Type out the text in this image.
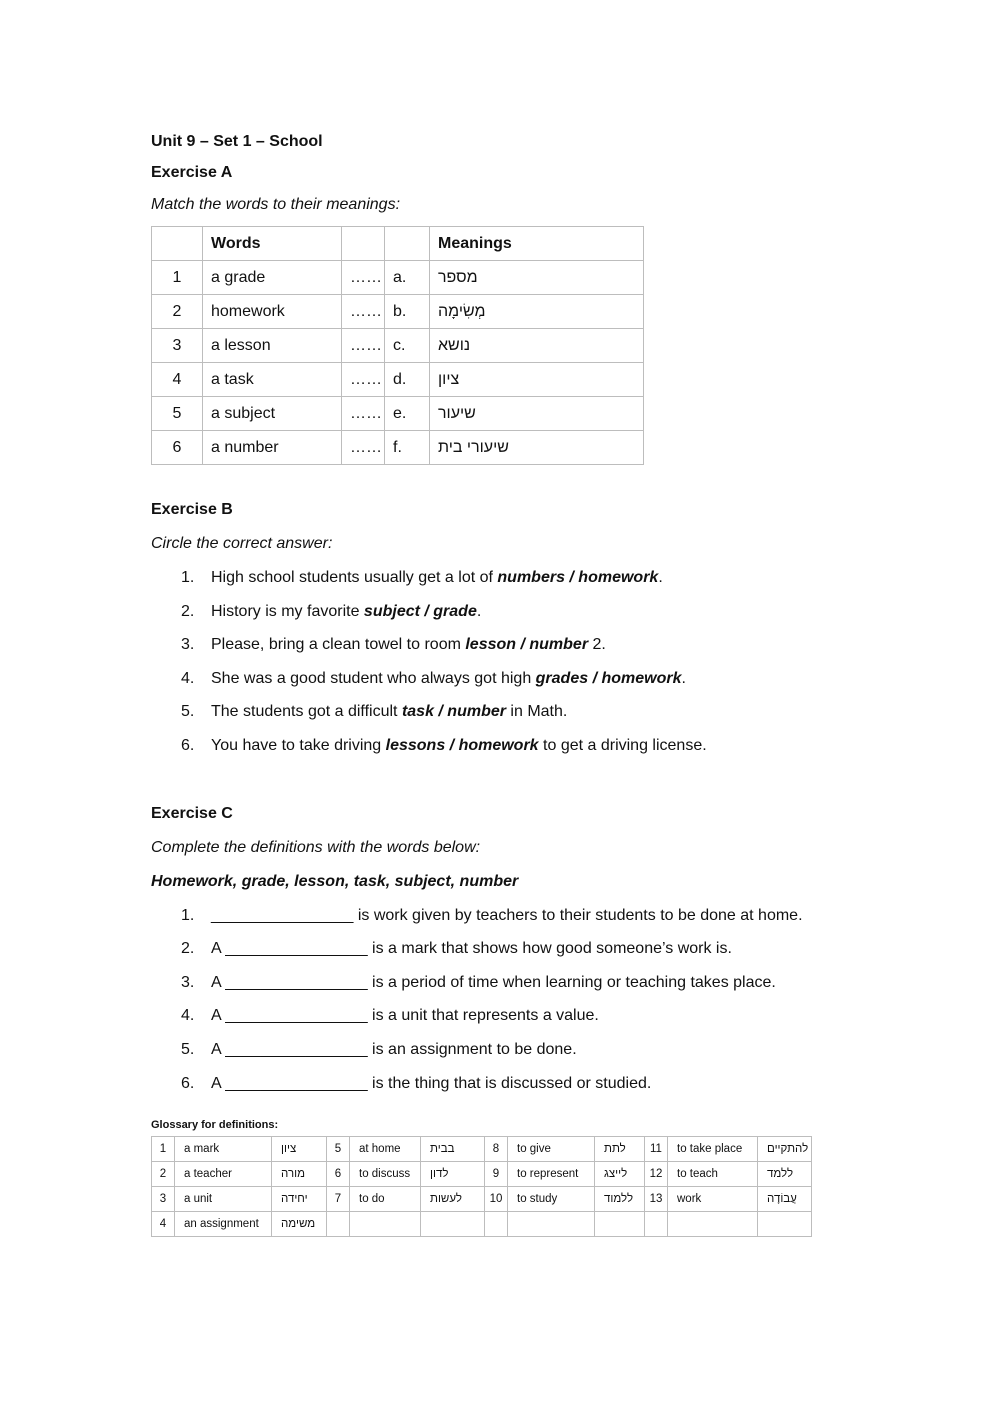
Unit 9 – Set 1 – School

Exercise A

Match the words to their meanings:

	Words			Meanings
1	a grade	……	a.	מספר
2	homework	……	b.	מְשִׂימָה
3	a lesson	……	c.	נושא
4	a task	……	d.	ציון
5	a subject	……	e.	שיעור
6	a number	……	f.	שיעורי בית

Exercise B

Circle the correct answer:

1. High school students usually get a lot of numbers / homework.
2. History is my favorite subject / grade.
3. Please, bring a clean towel to room lesson / number 2.
4. She was a good student who always got high grades / homework.
5. The students got a difficult task / number in Math.
6. You have to take driving lessons / homework to get a driving license.

Exercise C

Complete the definitions with the words below:

Homework, grade, lesson, task, subject, number

1. ________________ is work given by teachers to their students to be done at home.
2. A ________________ is a mark that shows how good someone’s work is.
3. A ________________ is a period of time when learning or teaching takes place.
4. A ________________ is a unit that represents a value.
5. A ________________ is an assignment to be done.
6. A ________________ is the thing that is discussed or studied.

Glossary for definitions:

1	a mark	ציון	5	at home	בבית	8	to give	לתת	11	to take place	להתקיים
2	a teacher	מורה	6	to discuss	לדון	9	to represent	לייצג	12	to teach	ללמד
3	a unit	יחידה	7	to do	לעשות	10	to study	ללמוד	13	work	עֲבוֹדָה
4	an assignment	משימה									
